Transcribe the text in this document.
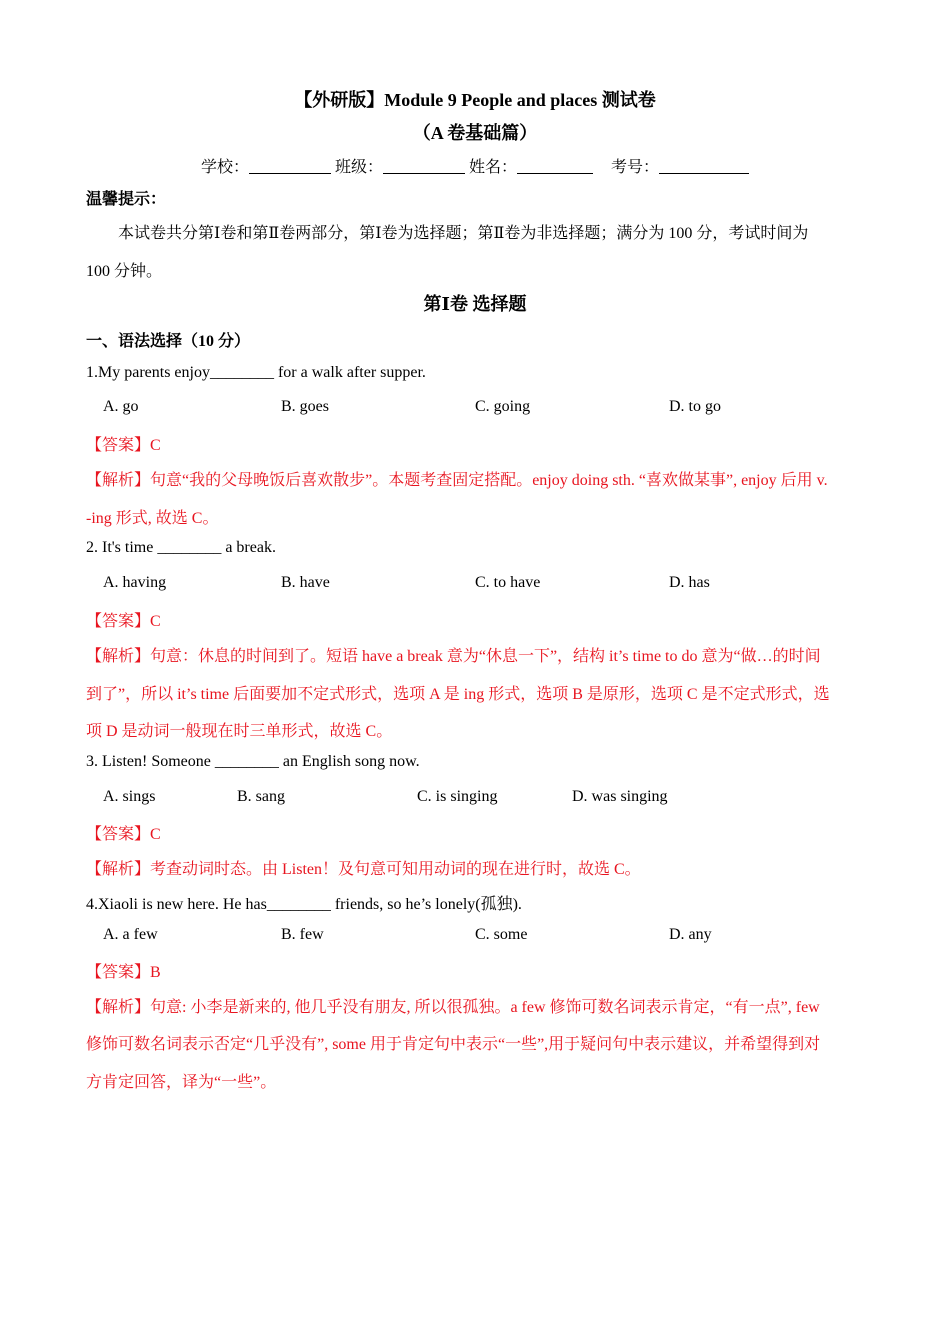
【外研版】Module 9 People and places 测试卷
（A 卷基础篇）
学校：	班级：	姓名：	考号：
温馨提示：
本试卷共分第Ⅰ卷和第Ⅱ卷两部分，第Ⅰ卷为选择题；第Ⅱ卷为非选择题；满分为 100 分，考试时间为
100 分钟。
第Ⅰ卷 选择题
一、语法选择（10 分）
1.My parents enjoy________ for a walk after supper.
A. go	B. goes	C. going	D. to go
【答案】C
【解析】句意“我的父母晚饭后喜欢散步”。本题考查固定搭配。enjoy doing sth. “喜欢做某事”, enjoy 后用 v.
-ing 形式, 故选 C。
2. It's time ________ a break.
A. having	B. have	C. to have	D. has
【答案】C
【解析】句意：休息的时间到了。短语 have a break 意为“休息一下”，结构 it’s time to do 意为“做…的时间
到了”，所以 it’s time 后面要加不定式形式，选项 A 是 ing 形式，选项 B 是原形，选项 C 是不定式形式，选
项 D 是动词一般现在时三单形式，故选 C。
3. Listen! Someone ________ an English song now.
A. sings	B. sang	C. is singing	D. was singing
【答案】C
【解析】考查动词时态。由 Listen！及句意可知用动词的现在进行时，故选 C。
4.Xiaoli is new here. He has________ friends, so he’s lonely(孤独).
A. a few	B. few	C. some	D. any
【答案】B
【解析】句意: 小李是新来的, 他几乎没有朋友, 所以很孤独。a few 修饰可数名词表示肯定，“有一点”, few
修饰可数名词表示否定“几乎没有”, some 用于肯定句中表示“一些”,用于疑问句中表示建议，并希望得到对
方肯定回答，译为“一些”。
